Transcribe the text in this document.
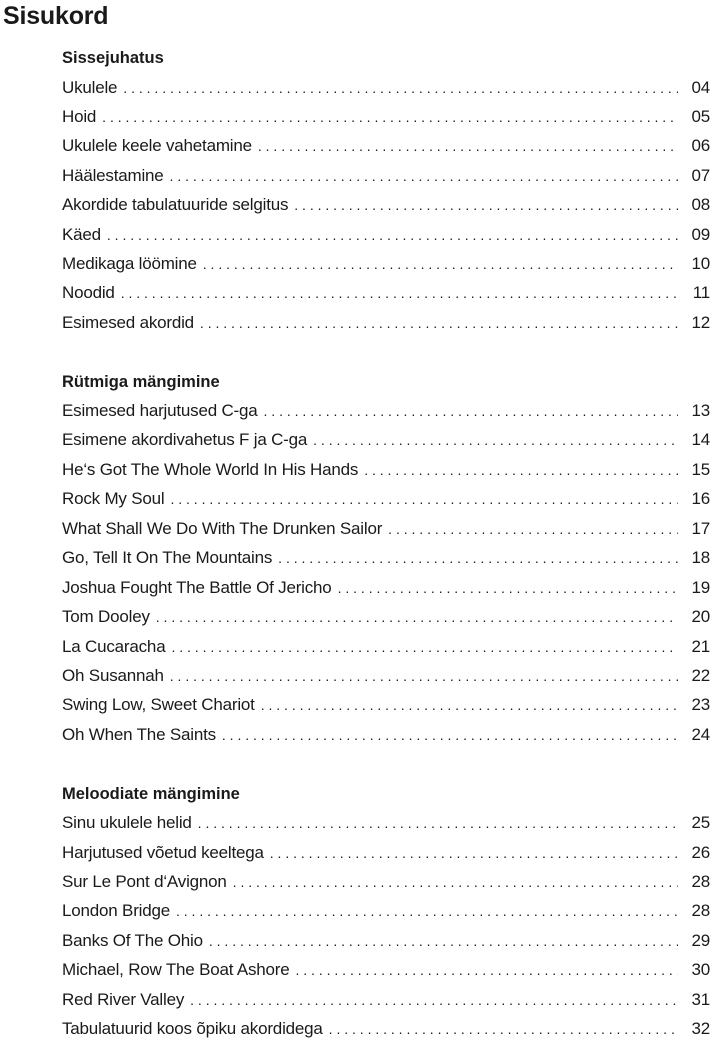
Sisukord
Sissejuhatus
Ukulele . . .	04
Hoid . . .	05
Ukulele keele vahetamine . . .	06
Häälestamine . . .	07
Akordide tabulatuuride selgitus . . .	08
Käed . . .	09
Medikaga löömine . . .	10
Noodid . . .	11
Esimesed akordid . . .	12
Rütmiga mängimine
Esimesed harjutused C-ga . . .	13
Esimene akordivahetus F ja C-ga . . .	14
He‘s Got The Whole World In His Hands . . .	15
Rock My Soul . . .	16
What Shall We Do With The Drunken Sailor . . .	17
Go, Tell It On The Mountains . . .	18
Joshua Fought The Battle Of Jericho . . .	19
Tom Dooley . . .	20
La Cucaracha . . .	21
Oh Susannah . . .	22
Swing Low, Sweet Chariot . . .	23
Oh When The Saints . . .	24
Meloodiate mängimine
Sinu ukulele helid . . .	25
Harjutused võetud keeltega . . .	26
Sur Le Pont d‘Avignon . . .	28
London Bridge . . .	28
Banks Of The Ohio . . .	29
Michael, Row The Boat Ashore . . .	30
Red River Valley . . .	31
Tabulatuurid koos õpiku akordidega . . .	32
